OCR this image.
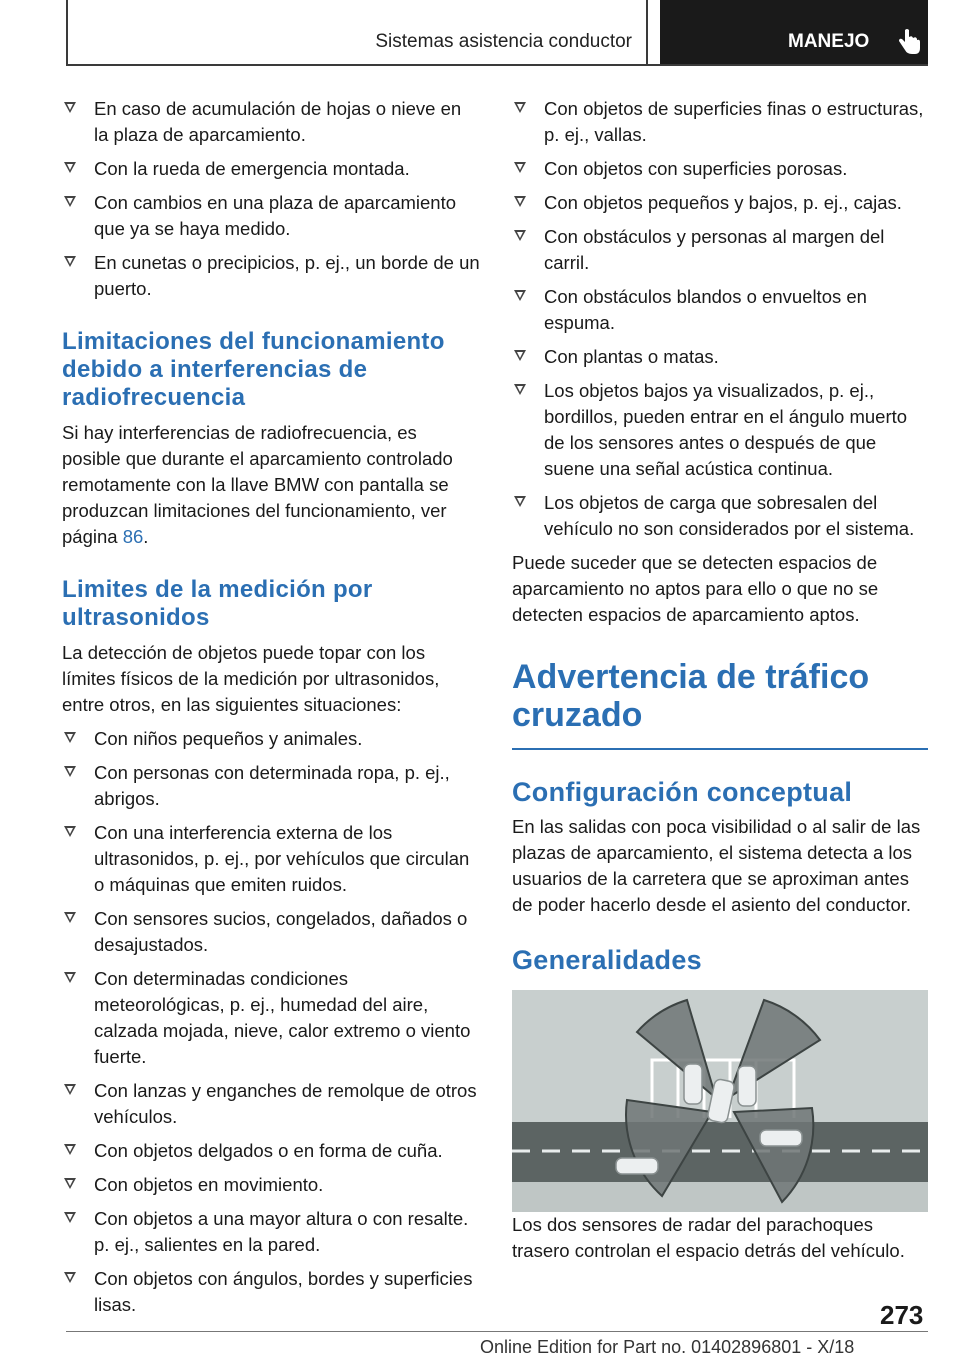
Sistemas asistencia conductor	MANEJO
En caso de acumulación de hojas o nieve en la plaza de aparcamiento.
Con la rueda de emergencia montada.
Con cambios en una plaza de aparcamiento que ya se haya medido.
En cunetas o precipicios, p. ej., un borde de un puerto.
Limitaciones del funcionamiento debido a interferencias de radiofrecuencia

Si hay interferencias de radiofrecuencia, es posible que durante el aparcamiento controlado remotamente con la llave BMW con pantalla se produzcan limitaciones del funcionamiento, ver página 86.

Limites de la medición por ultrasonidos

La detección de objetos puede topar con los límites físicos de la medición por ultrasonidos, entre otros, en las siguientes situaciones:

Con niños pequeños y animales.
Con personas con determinada ropa, p. ej., abrigos.
Con una interferencia externa de los ultrasonidos, p. ej., por vehículos que circulan o máquinas que emiten ruidos.
Con sensores sucios, congelados, dañados o desajustados.
Con determinadas condiciones meteorológicas, p. ej., humedad del aire, calzada mojada, nieve, calor extremo o viento fuerte.
Con lanzas y enganches de remolque de otros vehículos.
Con objetos delgados o en forma de cuña.
Con objetos en movimiento.
Con objetos a una mayor altura o con resalte. p. ej., salientes en la pared.
Con objetos con ángulos, bordes y superficies lisas.
Con objetos de superficies finas o estructuras, p. ej., vallas.
Con objetos con superficies porosas.
Con objetos pequeños y bajos, p. ej., cajas.
Con obstáculos y personas al margen del carril.
Con obstáculos blandos o envueltos en espuma.
Con plantas o matas.
Los objetos bajos ya visualizados, p. ej., bordillos, pueden entrar en el ángulo muerto de los sensores antes o después de que suene una señal acústica continua.
Los objetos de carga que sobresalen del vehículo no son considerados por el sistema.

Puede suceder que se detecten espacios de aparcamiento no aptos para ello o que no se detecten espacios de aparcamiento aptos.

Advertencia de tráfico cruzado
Configuración conceptual

En las salidas con poca visibilidad o al salir de las plazas de aparcamiento, el sistema detecta a los usuarios de la carretera que se aproximan antes de poder hacerlo desde el asiento del conductor.

Generalidades

Los dos sensores de radar del parachoques trasero controlan el espacio detrás del vehículo.

273
Online Edition for Part no. 01402896801 - X/18
